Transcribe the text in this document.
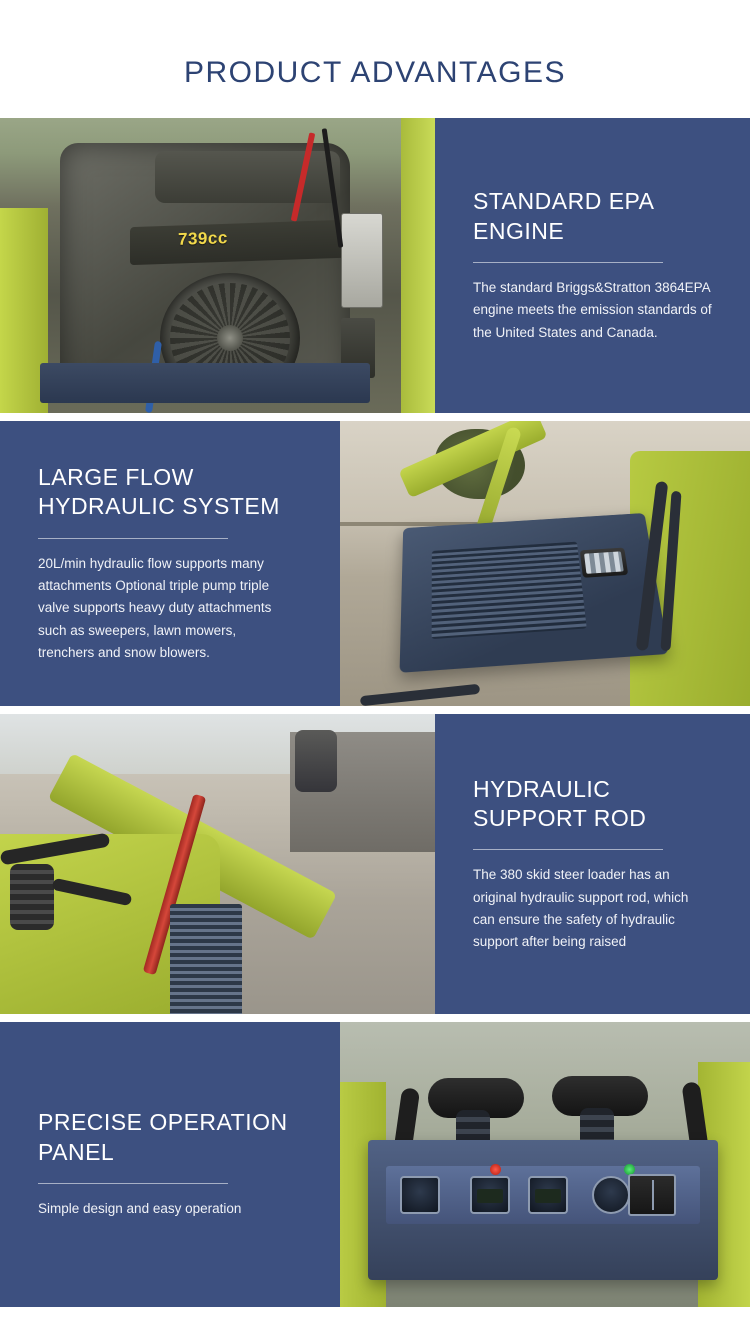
PRODUCT ADVANTAGES
739cc
STANDARD EPA ENGINE

The standard Briggs&Stratton 3864EPA engine meets the emission standards of the United States and Canada.

LARGE FLOW HYDRAULIC SYSTEM

20L/min hydraulic flow supports many attachments Optional triple pump triple valve supports heavy duty attachments such as sweepers, lawn mowers, trenchers and snow blowers.

HYDRAULIC SUPPORT ROD

The 380 skid steer loader has an original hydraulic support rod, which can ensure the safety of hydraulic support after being raised

PRECISE OPERATION PANEL

Simple design and easy operation
